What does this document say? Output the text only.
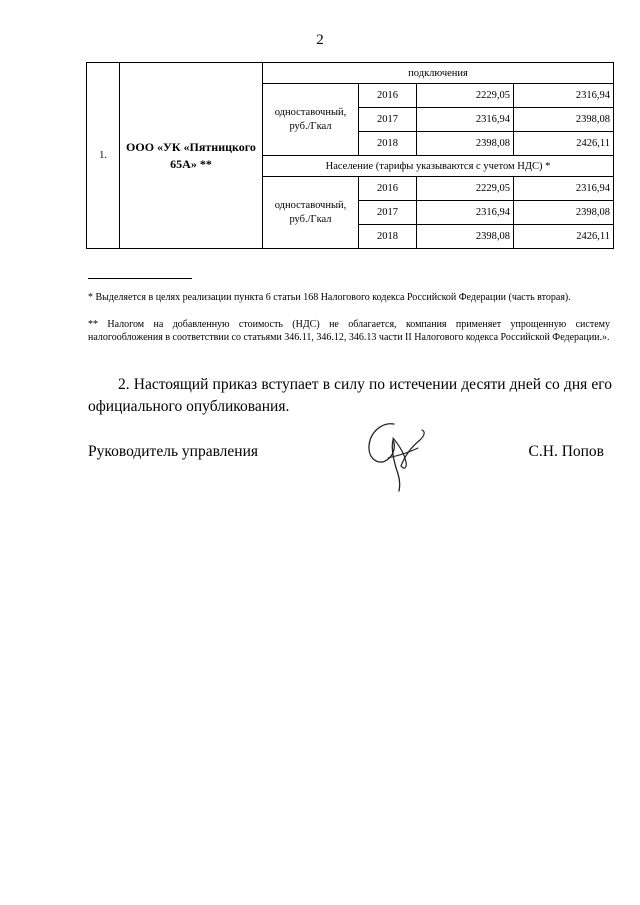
2
1.	ООО «УК «Пятницкого 65А» **	подключения			
		одноставочный, руб./Гкал	2016	2229,05	2316,94
			2017	2316,94	2398,08
			2018	2398,08	2426,11
		Население (тарифы указываются с учетом НДС) *			
		одноставочный, руб./Гкал	2016	2229,05	2316,94
			2017	2316,94	2398,08
			2018	2398,08	2426,11

* Выделяется в целях реализации пункта 6 статьи 168 Налогового кодекса Российской Федерации (часть вторая).

** Налогом на добавленную стоимость (НДС) не облагается, компания применяет упрощенную систему налогообложения в соответствии со статьями 346.11, 346.12, 346.13 части II Налогового кодекса Российской Федерации.».

2. Настоящий приказ вступает в силу по истечении десяти дней со дня его официального опубликования.

Руководитель управления	С.Н. Попов
